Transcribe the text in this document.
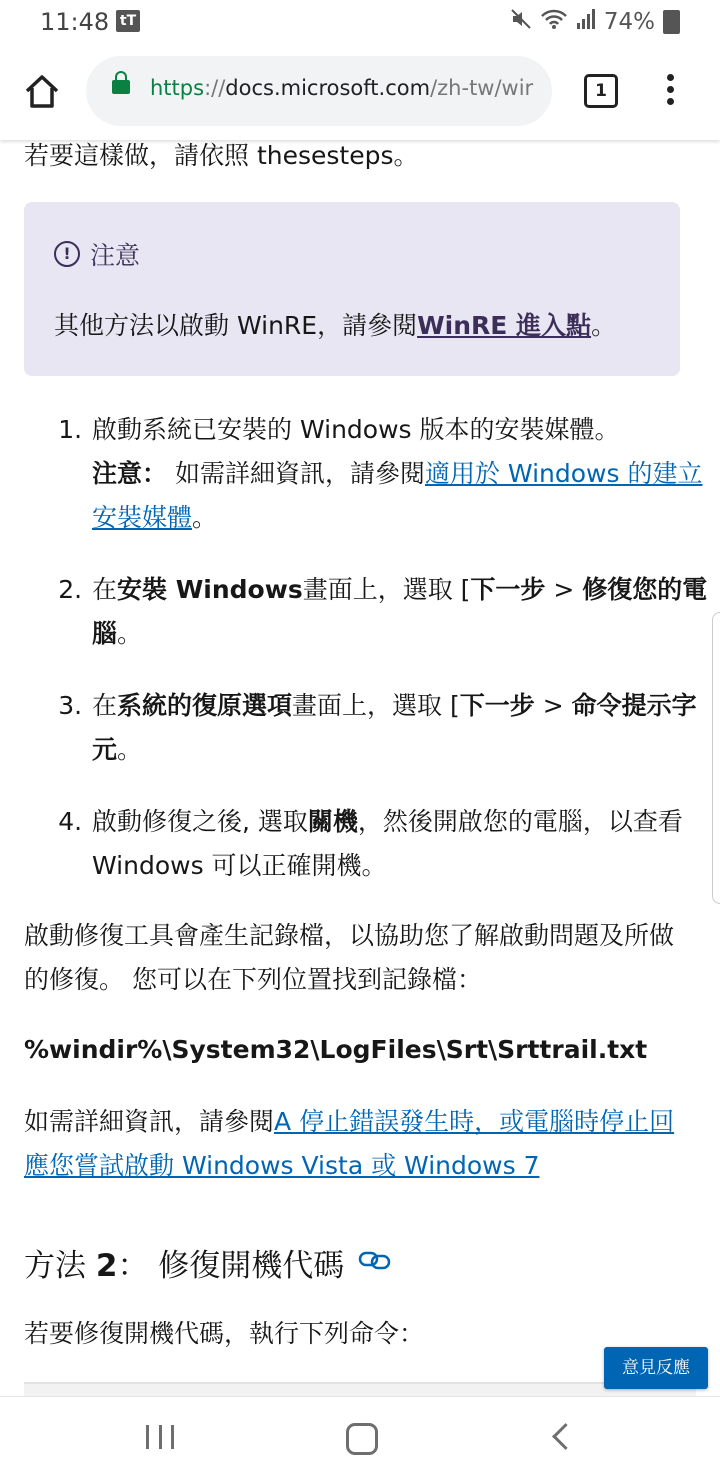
11:48 tT	74%
https://docs.microsoft.com/zh-tw/wir	1
若要這樣做，請依照 thesesteps。
! 注意
其他方法以啟動 WinRE，請參閱WinRE 進入點。
1. 啟動系統已安裝的 Windows 版本的安裝媒體。
注意： 如需詳細資訊，請參閱適用於 Windows 的建立安裝媒體。
2. 在安裝 Windows畫面上，選取 [下一步 > 修復您的電腦。
3. 在系統的復原選項畫面上，選取 [下一步 > 命令提示字元。
4. 啟動修復之後, 選取關機，然後開啟您的電腦，以查看 Windows 可以正確開機。
啟動修復工具會產生記錄檔，以協助您了解啟動問題及所做的修復。 您可以在下列位置找到記錄檔：
%windir%\System32\LogFiles\Srt\Srttrail.txt
如需詳細資訊，請參閱A 停止錯誤發生時，或電腦時停止回應您嘗試啟動 Windows Vista 或 Windows 7
方法 2： 修復開機代碼
若要修復開機代碼，執行下列命令：
意見反應
